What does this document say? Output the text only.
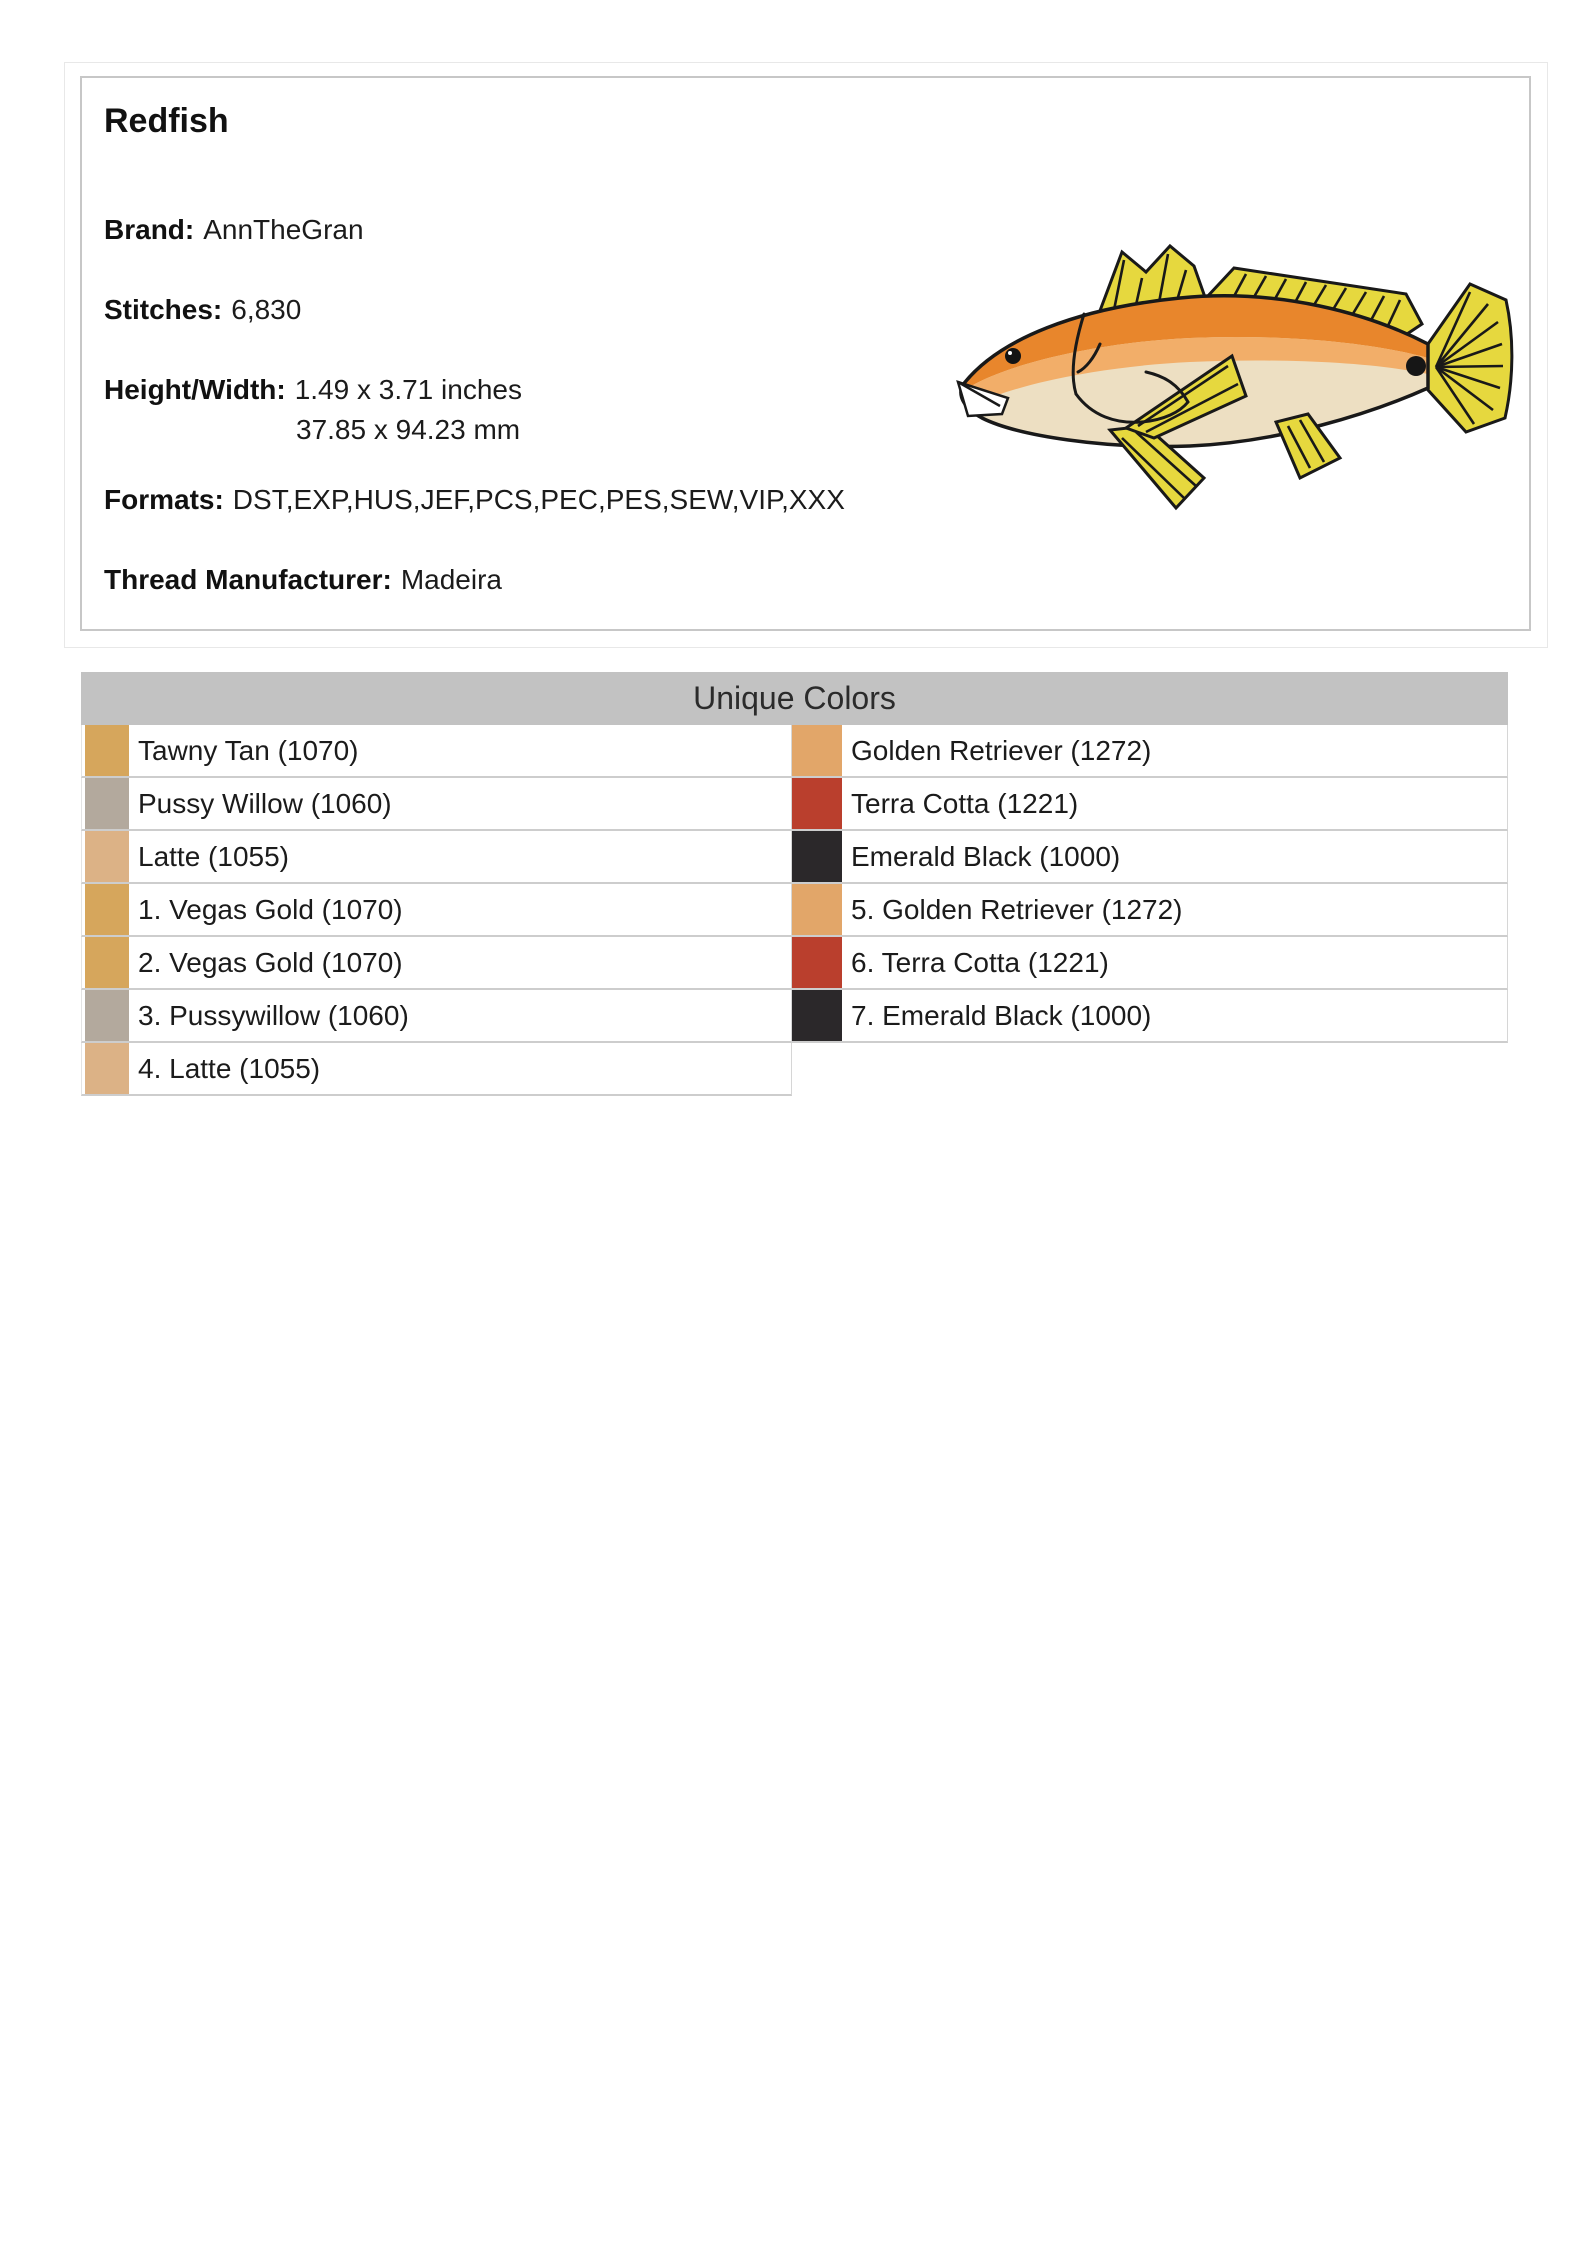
Redfish
Brand: AnnTheGran
Stitches: 6,830
Height/Width: 1.49 x 3.71 inches
37.85 x 94.23 mm
Formats: DST,EXP,HUS,JEF,PCS,PEC,PES,SEW,VIP,XXX
Thread Manufacturer: Madeira
Unique Colors
Tawny Tan (1070)
Pussy Willow (1060)
Latte (1055)
1. Vegas Gold (1070)
2. Vegas Gold (1070)
3. Pussywillow (1060)
4. Latte (1055)
Golden Retriever (1272)
Terra Cotta (1221)
Emerald Black (1000)
5. Golden Retriever (1272)
6. Terra Cotta (1221)
7. Emerald Black (1000)
